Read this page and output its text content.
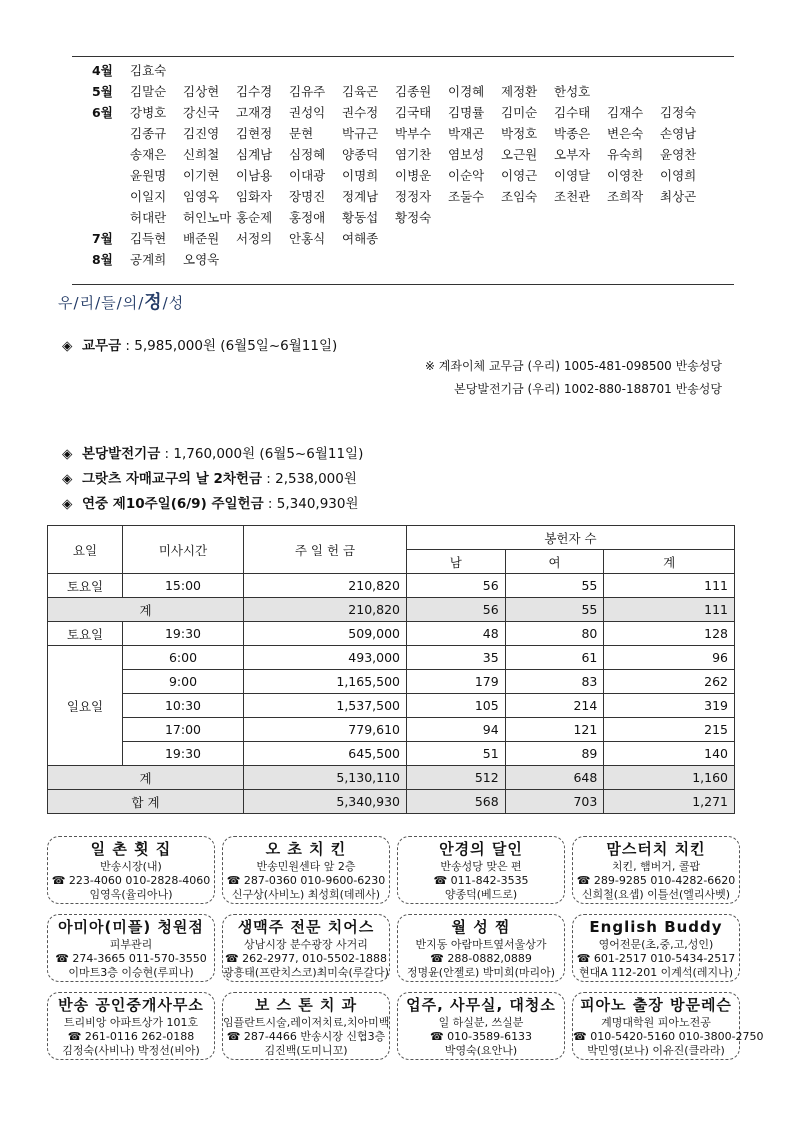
4월	김효숙
5월	김말순	김상현	김수경	김유주	김육곤	김종원	이경혜	제정환	한성호
6월	강병호	강신국	고재경	권성익	권수정	김국태	김명률	김미순	김수태	김재수	김정숙
김종규	김진영	김현정	문현	박규근	박부수	박재곤	박정호	박종은	변은숙	손영남
송재은	신희철	심계남	심정혜	양종덕	염기찬	염보성	오근원	오부자	유숙희	윤영찬
윤원명	이기현	이남용	이대광	이명희	이병운	이순악	이영근	이영달	이영찬	이영희
이일지	임영옥	임화자	장명진	정계남	정정자	조둘수	조임숙	조천관	조희작	최상곤
허대란	허인노마 홍순제	홍정애	황동섭	황정숙
7월	김득현	배준원	서정의	안홍식	여해종
8월	공계희	오영욱
우/리/들/의/정/성
◈ 교무금 : 5,985,000원 (6월5일~6월11일)
※ 계좌이체 교무금 (우리) 1005-481-098500 반송성당
본당발전기금 (우리) 1002-880-188701 반송성당
◈ 본당발전기금 : 1,760,000원 (6월5~6월11일)
◈ 그랏츠 자매교구의 날 2차헌금 : 2,538,000원
◈ 연중 제10주일(6/9) 주일헌금 : 5,340,930원
요일	미사시간	주 일 헌 금	봉헌자 수		
			남	여	계
토요일	15:00	210,820	56	55	111
계		210,820	56	55	111
토요일	19:30	509,000	48	80	128
일요일	6:00	493,000	35	61	96
	9:00	1,165,500	179	83	262
	10:30	1,537,500	105	214	319
	17:00	779,610	94	121	215
	19:30	645,500	51	89	140
계		5,130,110	512	648	1,160
합 계		5,340,930	568	703	1,271
일 촌 횟 집
반송시장(내)
☎ 223-4060 010-2828-4060
임영옥(율리아나)
오 초 치 킨
반송민원센타 앞 2층
☎ 287-0360 010-9600-6230
신구상(사비노) 최성희(데레사)
안경의 달인
반송성당 맞은 편
☎ 011-842-3535
양종덕(베드로)
맘스터치 치킨
치킨, 햄버거, 콜팝
☎ 289-9285 010-4282-6620
신희철(요셉) 이틀선(엘리사벳)
아미아(미플) 청원점
피부관리
☎ 274-3665 011-570-3550
이마트3층 이승현(루피나)
생맥주 전문 치어스
상남시장 분수광장 사거리
☎ 262-2977, 010-5502-1888
광흥태(프란치스코)최미숙(루갈다)
월 성 찜
반지동 아람마트옆서울상가
☎ 288-0882,0889
정명윤(안젤로) 박미희(마리아)
English Buddy
영어전문(초,중,고,성인)
☎ 601-2517 010-5434-2517
현대A 112-201 이계석(레지나)
반송 공인중개사무소
트리비앙 아파트상가 101호
☎ 261-0116 262-0188
김정숙(사비나) 박정선(비아)
보 스 톤 치 과
임플란트시술,레이저치료,치아미백
☎ 287-4466 반송시장 신협3층
김진백(도미니꼬)
업주, 사무실, 대청소
일 하실분, 쓰실분
☎ 010-3589-6133
박영숙(요안나)
피아노 출장 방문레슨
계명대학원 피아노전공
☎ 010-5420-5160 010-3800-2750
박민영(보나) 이유진(클라라)
